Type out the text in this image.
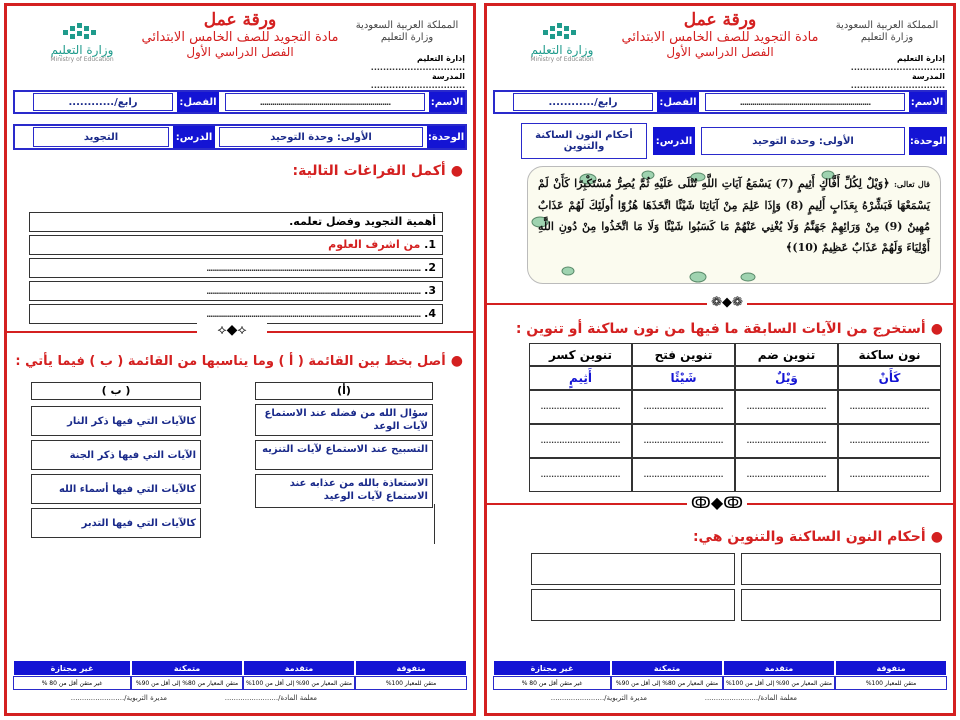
المملكة العربية السعودية
وزارة التعليم
إدارة التعليم ...............................
المدرسة ...............................
ورقة عمل
مادة التجويد للصف الخامس الابتدائي
الفصل الدراسي الأول
وزارة التعليم
Ministry of Education
الاسم:
................................................................
الفصل:
رابع/............
الوحدة:
الأولى: وحدة التوحيد
الدرس:
أحكام النون الساكنة والتنوين
قال تعالى: ﴿وَيْلٌ لِكُلِّ أَفَّاكٍ أَثِيمٍ (7) يَسْمَعُ آيَاتِ اللَّهِ تُتْلَى عَلَيْهِ ثُمَّ يُصِرُّ مُسْتَكْبِرًا كَأَنْ لَمْ يَسْمَعْهَا فَبَشِّرْهُ بِعَذَابٍ أَلِيمٍ (8) وَإِذَا عَلِمَ مِنْ آيَاتِنَا شَيْئًا اتَّخَذَهَا هُزُوًا أُولَئِكَ لَهُمْ عَذَابٌ مُهِينٌ (9) مِنْ وَرَائِهِمْ جَهَنَّمُ وَلَا يُغْنِي عَنْهُمْ مَا كَسَبُوا شَيْئًا وَلَا مَا اتَّخَذُوا مِنْ دُونِ اللَّهِ أَوْلِيَاءَ وَلَهُمْ عَذَابٌ عَظِيمٌ (10)﴾
❁◆❁
● أستخرج من الآيات السابقة ما فيها من نون ساكنة أو تنوين :
نون ساكنة
تنوين ضم
تنوين فتح
تنوين كسر
كَأَنْ
وَيْلٌ
شَيْئًا
أَثِيمٍ
..............................
..............................
..............................
..............................
..............................
..............................
..............................
..............................
..............................
..............................
..............................
..............................
ↂ◆ↂ
● أحكام النون الساكنة والتنوين هي:
متفوقة
متقدمة
متمكنة
غير مجتازة
متقن للمعيار 100%
متقن المعيار من 90% إلى أقل من 100%
متقن المعيار من 80% إلى أقل من 90%
غير متقن أقل من 80 %
معلمة المادة/........................
مديرة التربوية/........................
المملكة العربية السعودية
وزارة التعليم
إدارة التعليم ...............................
المدرسة ...............................
ورقة عمل
مادة التجويد للصف الخامس الابتدائي
الفصل الدراسي الأول
وزارة التعليم
Ministry of Education
الاسم:
................................................................
الفصل:
رابع/............
الوحدة:
الأولى: وحدة التوحيد
الدرس:
التجويد
● أكمل الفراغات التالية:
أهمية التجويد وفضل تعلمه.
1. من اشرف العلوم
2. .........................................................................................................
3. .........................................................................................................
4. .........................................................................................................
⟡◆⟡
● أصل بخط بين القائمة ( أ ) وما يناسبها من القائمة ( ب ) فيما يأتي :
(أ)
( ب )
سؤال الله من فضله عند الاستماع لآيات الوعد
التسبيح عند الاستماع لآيات التنزيه
الاستعاذة بالله من عذابه عند الاستماع لآيات الوعيد
كالآيات التي فيها ذكر النار
الآيات التي فيها ذكر الجنة
كالآيات التي فيها أسماء الله
كالآيات التي فيها التدبر
متفوقة
متقدمة
متمكنة
غير مجتازة
متقن للمعيار 100%
متقن المعيار من 90% إلى أقل من 100%
متقن المعيار من 80% إلى أقل من 90%
غير متقن أقل من 80 %
معلمة المادة/........................
مديرة التربوية/........................
